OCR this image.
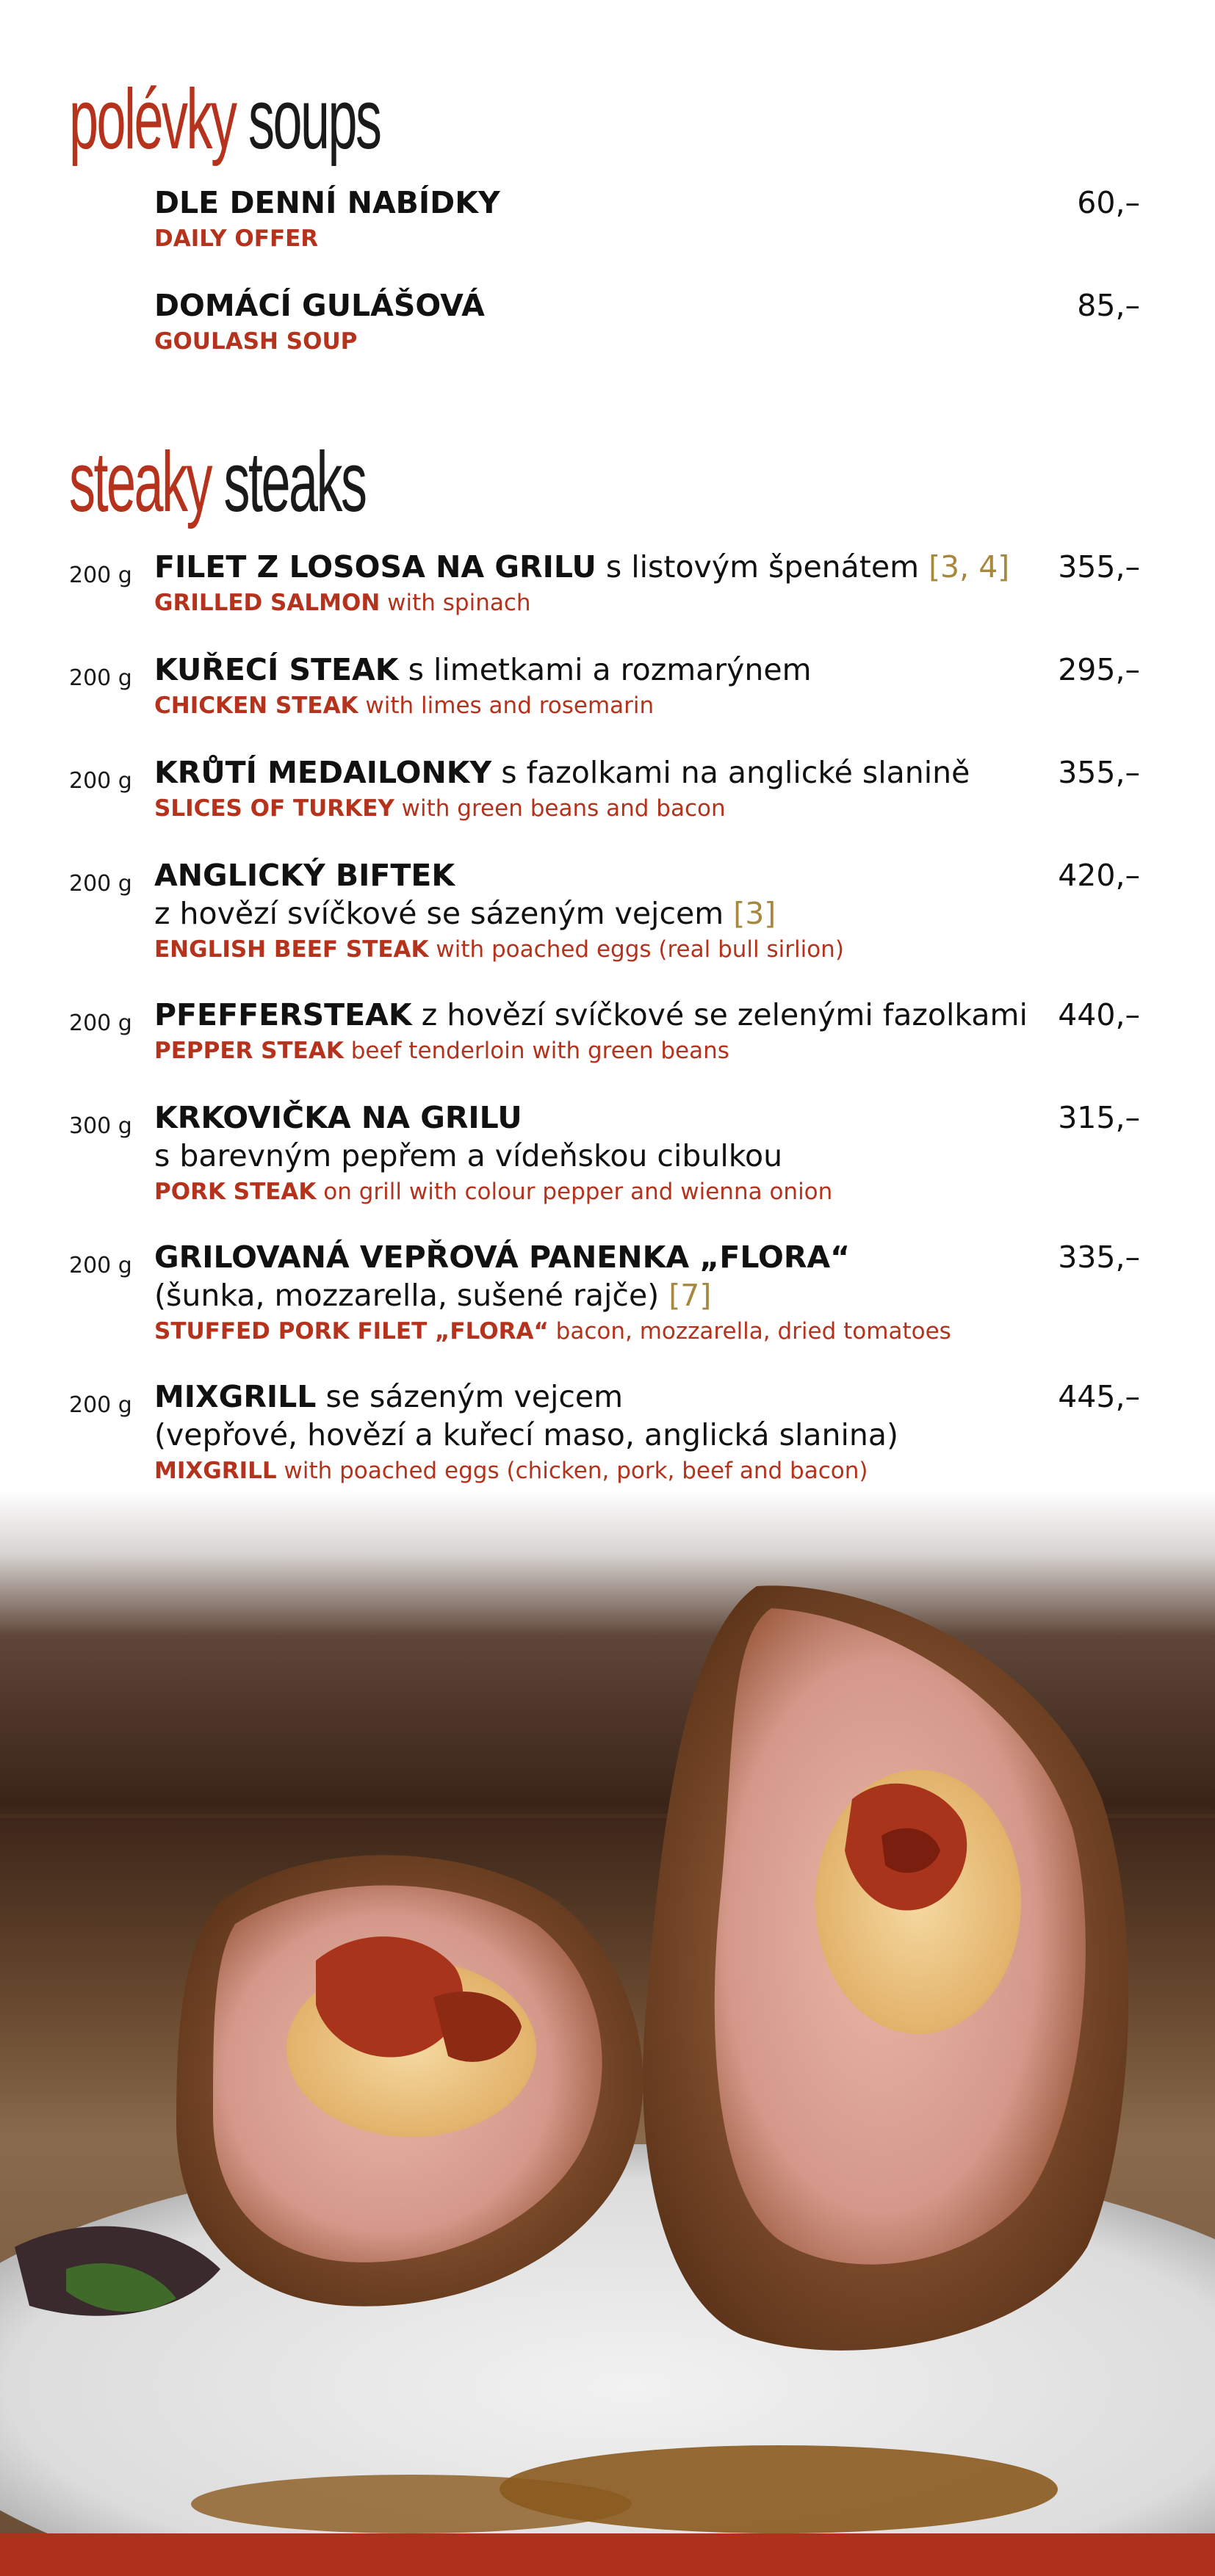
polévky soups
DLE DENNÍ NABÍDKY
DAILY OFFER
60,–
DOMÁCÍ GULÁŠOVÁ
GOULASH SOUP
85,–
steaky steaks
200 g FILET Z LOSOSA NA GRILU s listovým špenátem [3, 4]
GRILLED SALMON with spinach
355,–
200 g KUŘECÍ STEAK s limetkami a rozmarýnem
CHICKEN STEAK with limes and rosemarin
295,–
200 g KRŮTÍ MEDAILONKY s fazolkami na anglické slanině
SLICES OF TURKEY with green beans and bacon
355,–
200 g ANGLICKÝ BIFTEK
z hovězí svíčkové se sázeným vejcem [3]
ENGLISH BEEF STEAK with poached eggs (real bull sirlion)
420,–
200 g PFEFFERSTEAK z hovězí svíčkové se zelenými fazolkami
PEPPER STEAK beef tenderloin with green beans
440,–
300 g KRKOVIČKA NA GRILU
s barevným pepřem a vídeňskou cibulkou
PORK STEAK on grill with colour pepper and wienna onion
315,–
200 g GRILOVANÁ VEPŘOVÁ PANENKA „FLORA“
(šunka, mozzarella, sušené rajče) [7]
STUFFED PORK FILET „FLORA“ bacon, mozzarella, dried tomatoes
335,–
200 g MIXGRILL se sázeným vejcem
(vepřové, hovězí a kuřecí maso, anglická slanina)
MIXGRILL with poached eggs (chicken, pork, beef and bacon)
445,–
